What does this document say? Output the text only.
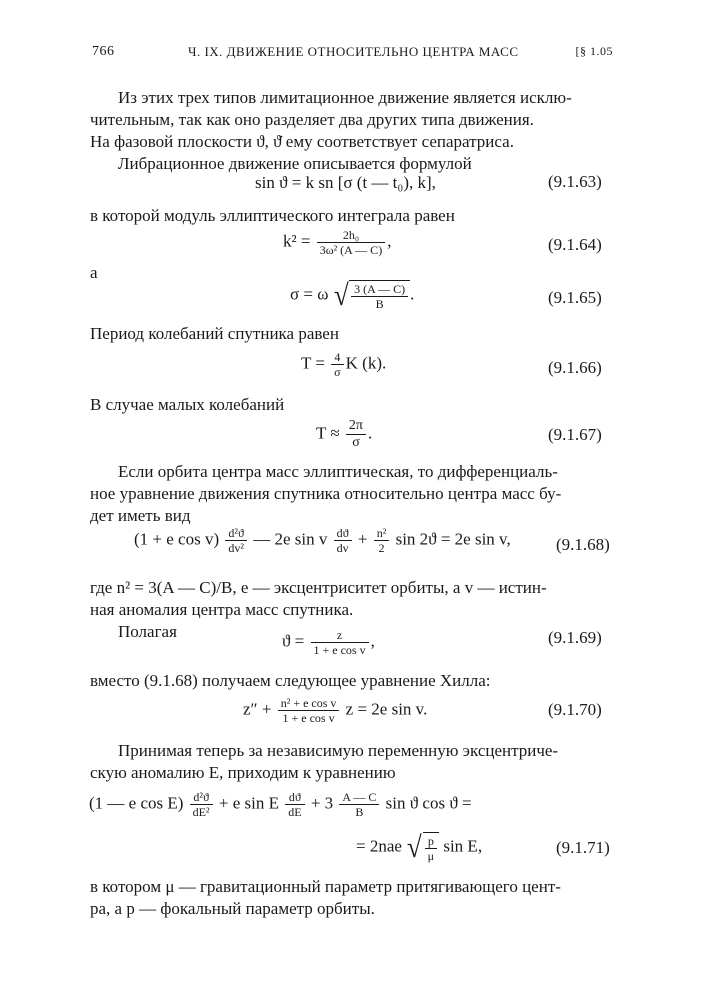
766	Ч. IX. ДВИЖЕНИЕ ОТНОСИТЕЛЬНО ЦЕНТРА МАСС	[§ 1.05
Из этих трех типов лимитационное движение является исклю-
чительным, так как оно разделяет два других типа движения.
На фазовой плоскости ϑ, ϑ̇ ему соответствует сепаратриса.
Либрационное движение описывается формулой
sin ϑ = k sn [σ (t — t₀), k],	(9.1.63)
в которой модуль эллиптического интеграла равен
$k^2 = \frac{\text{2h₀}}{\text{3ω² (A — C)}}$ ,	(9.1.64)
а
σ = ω √ $\frac{3 (A — C)}{B}$ .	(9.1.65)
Период колебаний спутника равен
$T = \frac{4}{\sigma}$ K (k).	(9.1.66)
В случае малых колебаний
$T \approx \frac{2\pi}{\sigma}$ .	(9.1.67)
Если орбита центра масс эллиптическая, то дифференциаль-
ное уравнение движения спутника относительно центра масс бу-
дет иметь вид
(1 + e $\cos v) \frac{\text{d²ϑ}}{\text{dv²}}$ — 2e sin v $\frac{dϑ}{dv} + \frac{\text{n²}}{2}$ sin 2ϑ = 2e sin v,	(9.1.68)
где n² = 3(A — C)/B, e — эксцентриситет орбиты, а v — истин-
ная аномалия центра масс спутника.
Полагая	$ϑ = \frac{z}{\text{1 + e cos v}}$ ,	(9.1.69)
вместо (9.1.68) получаем следующее уравнение Хилла:
$z'' + \frac{\text{n² + e cos v}}{\text{1 + e cos v}}$ z = 2e sin v.	(9.1.70)
Принимая теперь за независимую переменную эксцентриче-
скую аномалию E, приходим к уравнению
(1 — e $\cos E) \frac{\text{d²ϑ}}{\text{dE²}} + e$ sin E $\frac{dϑ}{dE} + 3 \frac{A — C}{B}$ sin ϑ cos ϑ =
= 2nae √ $\frac{p}{\mu}$ sin E,	(9.1.71)
в котором μ — гравитационный параметр притягивающего цент-
ра, а p — фокальный параметр орбиты.
